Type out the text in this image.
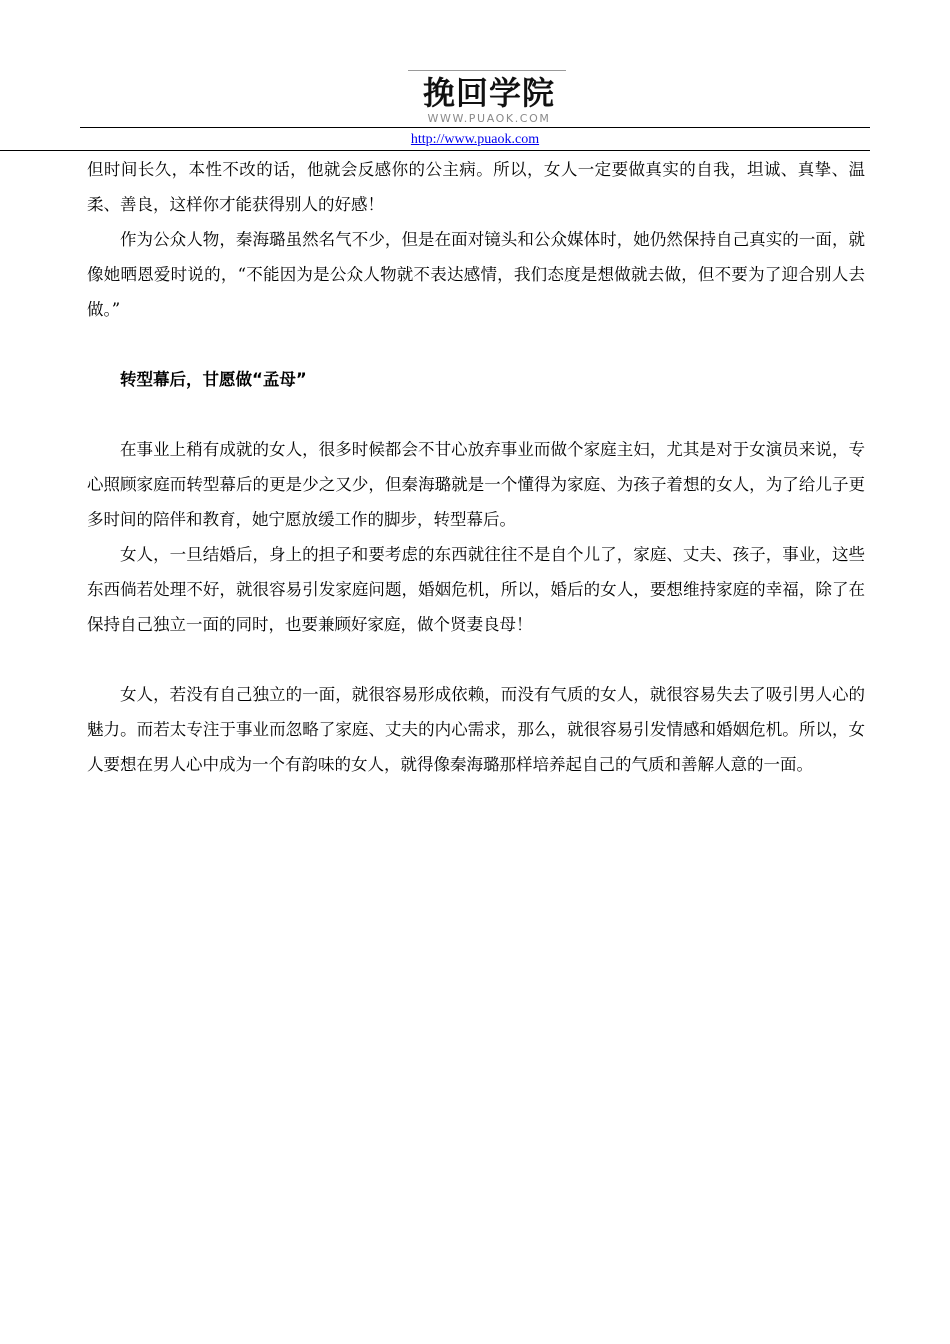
挽回学院
WWW.PUAOK.COM
http://www.puaok.com

但时间长久，本性不改的话，他就会反感你的公主病。所以，女人一定要做真实的自我，坦诚、真挚、温柔、善良，这样你才能获得别人的好感！

作为公众人物，秦海璐虽然名气不少，但是在面对镜头和公众媒体时，她仍然保持自己真实的一面，就像她晒恩爱时说的，“不能因为是公众人物就不表达感情，我们态度是想做就去做，但不要为了迎合别人去做。”

转型幕后，甘愿做“孟母”

在事业上稍有成就的女人，很多时候都会不甘心放弃事业而做个家庭主妇，尤其是对于女演员来说，专心照顾家庭而转型幕后的更是少之又少，但秦海璐就是一个懂得为家庭、为孩子着想的女人，为了给儿子更多时间的陪伴和教育，她宁愿放缓工作的脚步，转型幕后。

女人，一旦结婚后，身上的担子和要考虑的东西就往往不是自个儿了，家庭、丈夫、孩子，事业，这些东西倘若处理不好，就很容易引发家庭问题，婚姻危机，所以，婚后的女人，要想维持家庭的幸福，除了在保持自己独立一面的同时，也要兼顾好家庭，做个贤妻良母！

女人，若没有自己独立的一面，就很容易形成依赖，而没有气质的女人，就很容易失去了吸引男人心的魅力。而若太专注于事业而忽略了家庭、丈夫的内心需求，那么，就很容易引发情感和婚姻危机。所以，女人要想在男人心中成为一个有韵味的女人，就得像秦海璐那样培养起自己的气质和善解人意的一面。
